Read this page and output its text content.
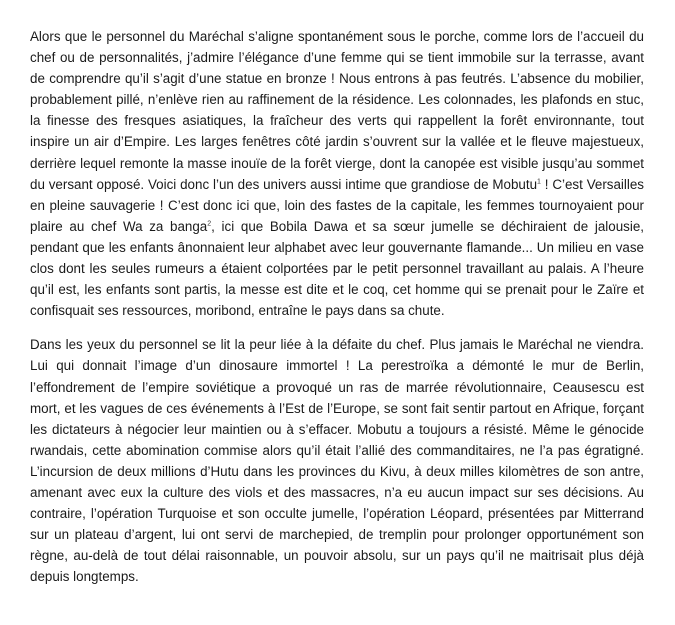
Alors que le personnel du Maréchal s’aligne spontanément sous le porche, comme lors de l’accueil du chef ou de personnalités, j’admire l’élégance d’une femme qui se tient immobile sur la terrasse, avant de comprendre qu’il s’agit d’une statue en bronze ! Nous entrons à pas feutrés. L’absence du mobilier, probablement pillé, n’enlève rien au raffinement de la résidence. Les colonnades, les plafonds en stuc, la finesse des fresques asiatiques, la fraîcheur des verts qui rappellent la forêt environnante, tout inspire un air d’Empire. Les larges fenêtres côté jardin s’ouvrent sur la vallée et le fleuve majestueux, derrière lequel remonte la masse inouïe de la forêt vierge, dont la canopée est visible jusqu’au sommet du versant opposé. Voici donc l’un des univers aussi intime que grandiose de Mobutu$^1$ ! C’est Versailles en pleine sauvagerie ! C’est donc ici que, loin des fastes de la capitale, les femmes tournoyaient pour plaire au chef Wa za banga$^2$, ici que Bobila Dawa et sa sœur jumelle se déchiraient de jalousie, pendant que les enfants ânonnaient leur alphabet avec leur gouvernante flamande... Un milieu en vase clos dont les seules rumeurs a étaient colportées par le petit personnel travaillant au palais. A l’heure qu’il est, les enfants sont partis, la messe est dite et le coq, cet homme qui se prenait pour le Zaïre et confisquait ses ressources, moribond, entraîne le pays dans sa chute.

Dans les yeux du personnel se lit la peur liée à la défaite du chef. Plus jamais le Maréchal ne viendra. Lui qui donnait l’image d’un dinosaure immortel ! La perestroïka a démonté le mur de Berlin, l’effondrement de l’empire soviétique a provoqué un ras de marrée révolutionnaire, Ceausescu est mort, et les vagues de ces événements à l’Est de l’Europe, se sont fait sentir partout en Afrique, forçant les dictateurs à négocier leur maintien ou à s’effacer. Mobutu a toujours a résisté. Même le génocide rwandais, cette abomination commise alors qu’il était l’allié des commanditaires, ne l’a pas égratigné. L’incursion de deux millions d’Hutu dans les provinces du Kivu, à deux milles kilomètres de son antre, amenant avec eux la culture des viols et des massacres, n’a eu aucun impact sur ses décisions. Au contraire, l’opération Turquoise et son occulte jumelle, l’opération Léopard, présentées par Mitterrand sur un plateau d’argent, lui ont servi de marchepied, de tremplin pour prolonger opportunément son règne, au-delà de tout délai raisonnable, un pouvoir absolu, sur un pays qu’il ne maitrisait plus déjà depuis longtemps.
